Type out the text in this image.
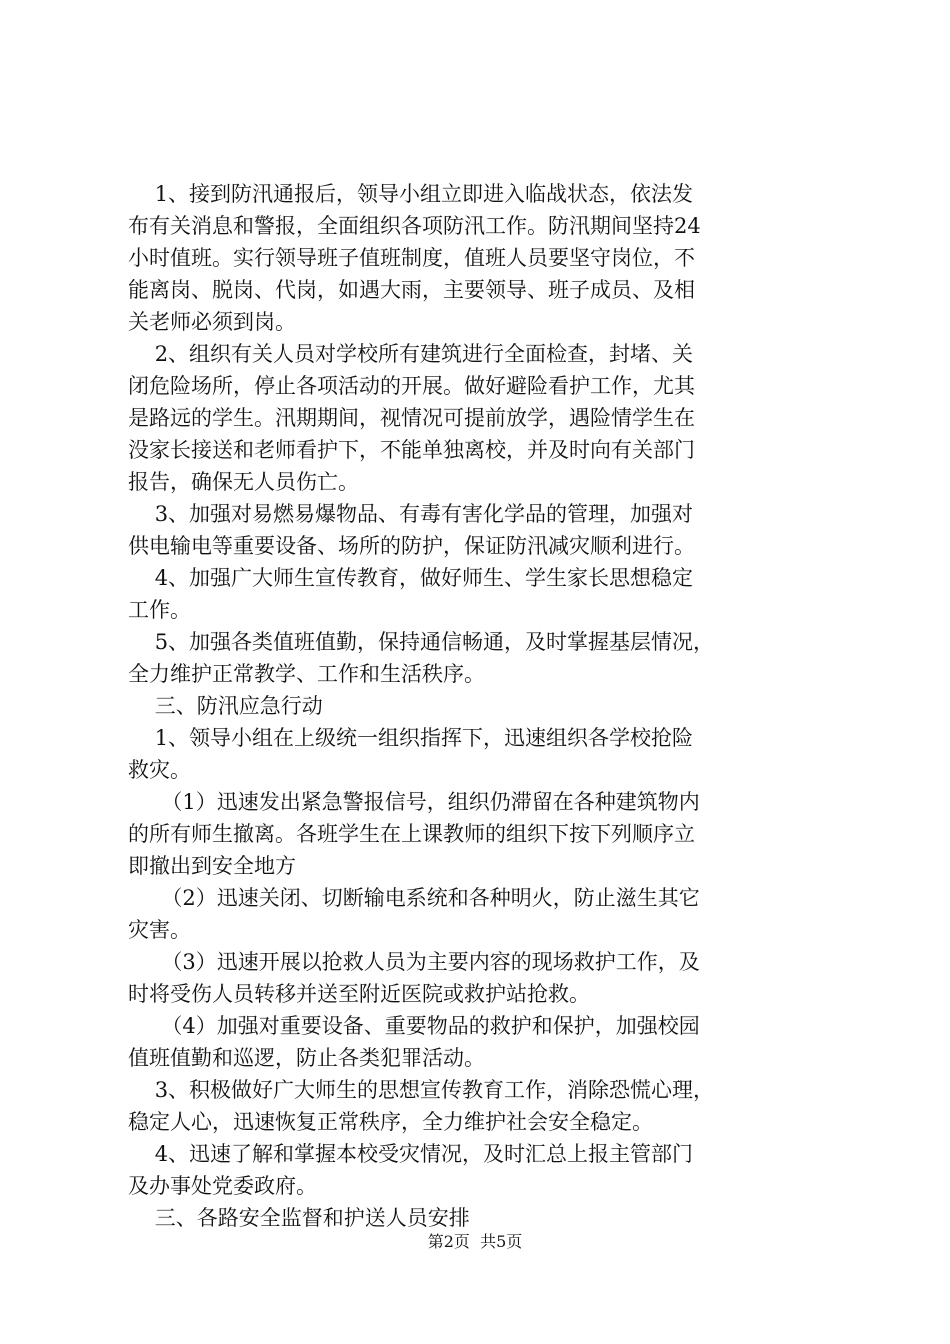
1、接到防汛通报后，领导小组立即进入临战状态，依法发
布有关消息和警报，全面组织各项防汛工作。防汛期间坚持24
小时值班。实行领导班子值班制度，值班人员要坚守岗位，不
能离岗、脱岗、代岗，如遇大雨，主要领导、班子成员、及相
关老师必须到岗。
2、组织有关人员对学校所有建筑进行全面检查，封堵、关
闭危险场所，停止各项活动的开展。做好避险看护工作，尤其
是路远的学生。汛期期间，视情况可提前放学，遇险情学生在
没家长接送和老师看护下，不能单独离校，并及时向有关部门
报告，确保无人员伤亡。
3、加强对易燃易爆物品、有毒有害化学品的管理，加强对
供电输电等重要设备、场所的防护，保证防汛减灾顺利进行。
4、加强广大师生宣传教育，做好师生、学生家长思想稳定
工作。
5、加强各类值班值勤，保持通信畅通，及时掌握基层情况，
全力维护正常教学、工作和生活秩序。
三、防汛应急行动
1、领导小组在上级统一组织指挥下，迅速组织各学校抢险
救灾。
（1）迅速发出紧急警报信号，组织仍滞留在各种建筑物内
的所有师生撤离。各班学生在上课教师的组织下按下列顺序立
即撤出到安全地方
（2）迅速关闭、切断输电系统和各种明火，防止滋生其它
灾害。
（3）迅速开展以抢救人员为主要内容的现场救护工作，及
时将受伤人员转移并送至附近医院或救护站抢救。
（4）加强对重要设备、重要物品的救护和保护，加强校园
值班值勤和巡逻，防止各类犯罪活动。
3、积极做好广大师生的思想宣传教育工作，消除恐慌心理，
稳定人心，迅速恢复正常秩序，全力维护社会安全稳定。
4、迅速了解和掌握本校受灾情况，及时汇总上报主管部门
及办事处党委政府。
三、各路安全监督和护送人员安排
第2页  共5页
